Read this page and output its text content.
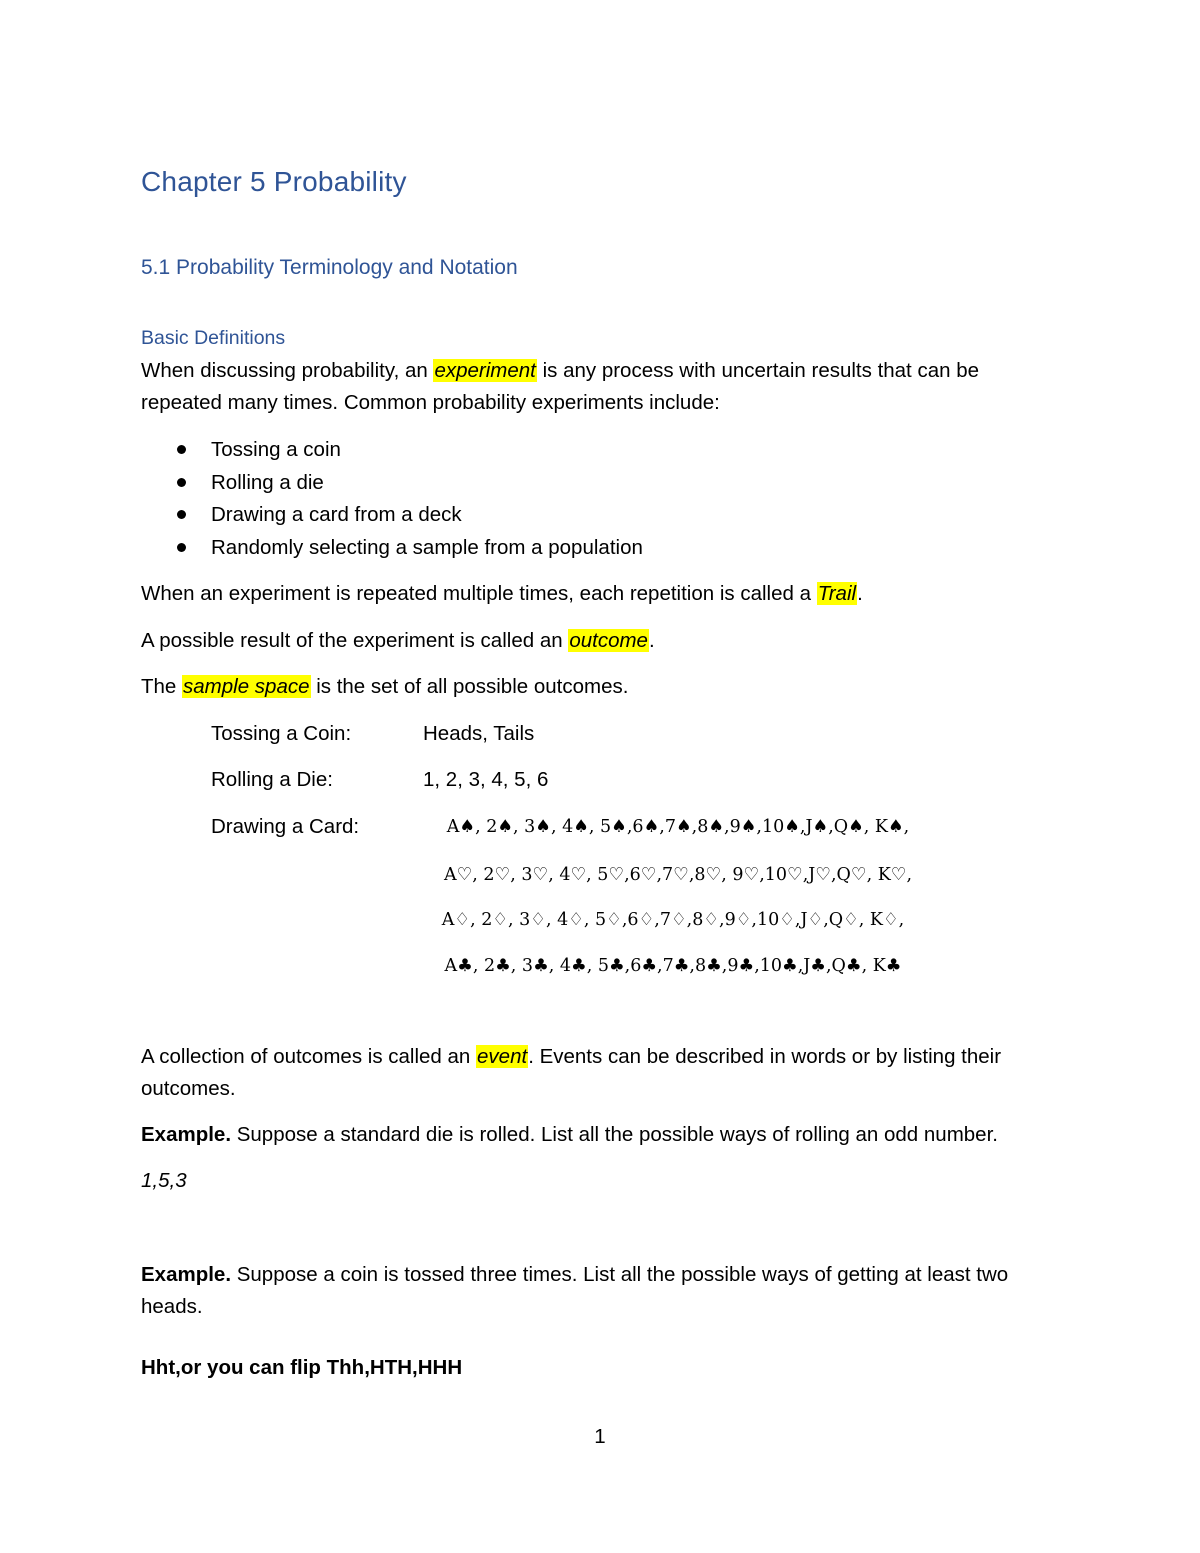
Chapter 5 Probability
5.1 Probability Terminology and Notation
Basic Definitions
When discussing probability, an experiment is any process with uncertain results that can be repeated many times. Common probability experiments include:
Tossing a coin
Rolling a die
Drawing a card from a deck
Randomly selecting a sample from a population
When an experiment is repeated multiple times, each repetition is called a Trail.
A possible result of the experiment is called an outcome.
The sample space is the set of all possible outcomes.
Tossing a Coin:	Heads, Tails
Rolling a Die:	1, 2, 3, 4, 5, 6
Drawing a Card:	A♠, 2♠, 3♠, 4♠, 5♠,6♠,7♠,8♠,9♠,10♠,J♠,Q♠, K♠,
A♡, 2♡, 3♡, 4♡, 5♡,6♡,7♡,8♡, 9♡,10♡,J♡,Q♡, K♡,
A♢, 2♢, 3♢, 4♢, 5♢,6♢,7♢,8♢,9♢,10♢,J♢,Q♢, K♢,
A♣, 2♣, 3♣, 4♣, 5♣,6♣,7♣,8♣,9♣,10♣,J♣,Q♣, K♣
A collection of outcomes is called an event. Events can be described in words or by listing their outcomes.
Example. Suppose a standard die is rolled. List all the possible ways of rolling an odd number.
1,5,3
Example. Suppose a coin is tossed three times. List all the possible ways of getting at least two heads.
Hht,or you can flip Thh,HTH,HHH
1
